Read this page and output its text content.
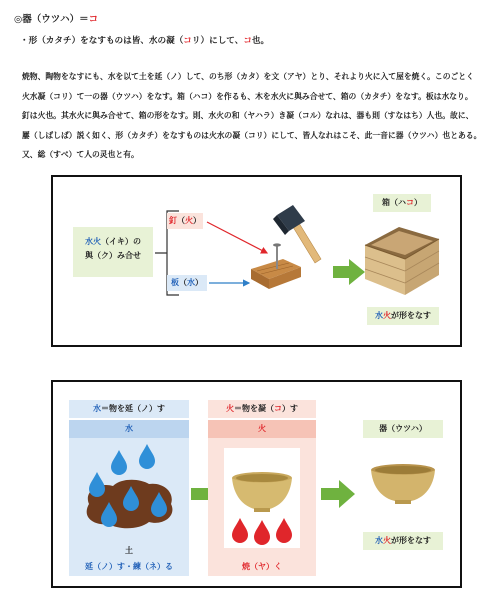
◎器（ウツハ）＝コ
・形（カタチ）をなすものは皆、水の凝（コリ）にして、コ也。

焼物、陶物をなすにも、水を以て土を延（ノ）して、のち形（カタ）を文（アヤ）とり、それより火に入て屋を焼く。このごとく

火水凝（コリ）て一の器（ウツハ）をなす。箱（ハコ）を作るも、木を水火に與み合せて、箱の（カタチ）をなす。板は水なり。

釘は火也。其水火に與み合せて、箱の形をなす。則、水火の和（ヤハラ）き凝（コル）なれは、器も則（すなはち）人也。故に、

屢（しばしば）説く如く、形（カタチ）をなすものは火水の凝（コリ）にして、皆人なれはこそ、此一音に器（ウツハ）也とある。

又、総（すべ）て人の灵也と有。

水火（イキ）の
與（ク）み合せ
釘（火）
板（水）
箱（ハコ）
水火が形をなす
水＝物を延（ノ）す
水
土
延（ノ）す・練（ネ）る
火＝物を凝（コ）す
火
焼（ヤ）く
器（ウツハ）
水火が形をなす
